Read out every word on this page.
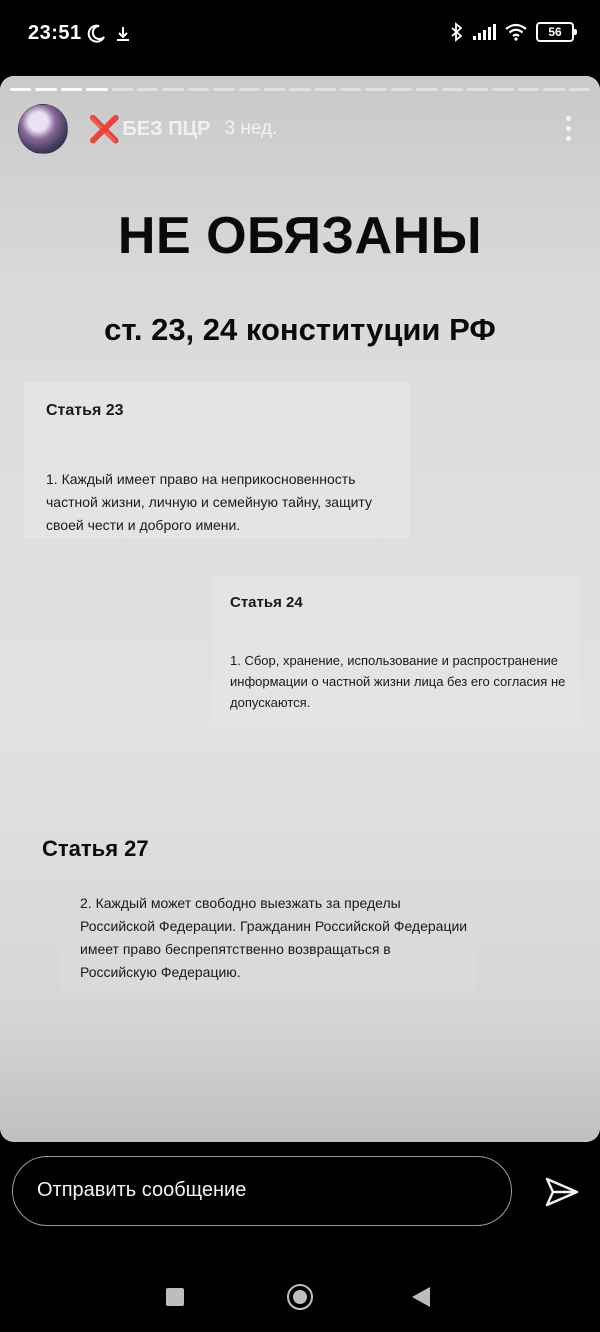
23:51	56
❌ БЕЗ ПЦР 3 нед.
НЕ ОБЯЗАНЫ
ст. 23, 24 конституции РФ
Статья 23
1. Каждый имеет право на неприкосновенность частной жизни, личную и семейную тайну, защиту своей чести и доброго имени.
Статья 24
1. Сбор, хранение, использование и распространение информации о частной жизни лица без его согласия не допускаются.
Статья 27
2. Каждый может свободно выезжать за пределы Российской Федерации. Гражданин Российской Федерации имеет право беспрепятственно возвращаться в Российскую Федерацию.
Отправить сообщение
